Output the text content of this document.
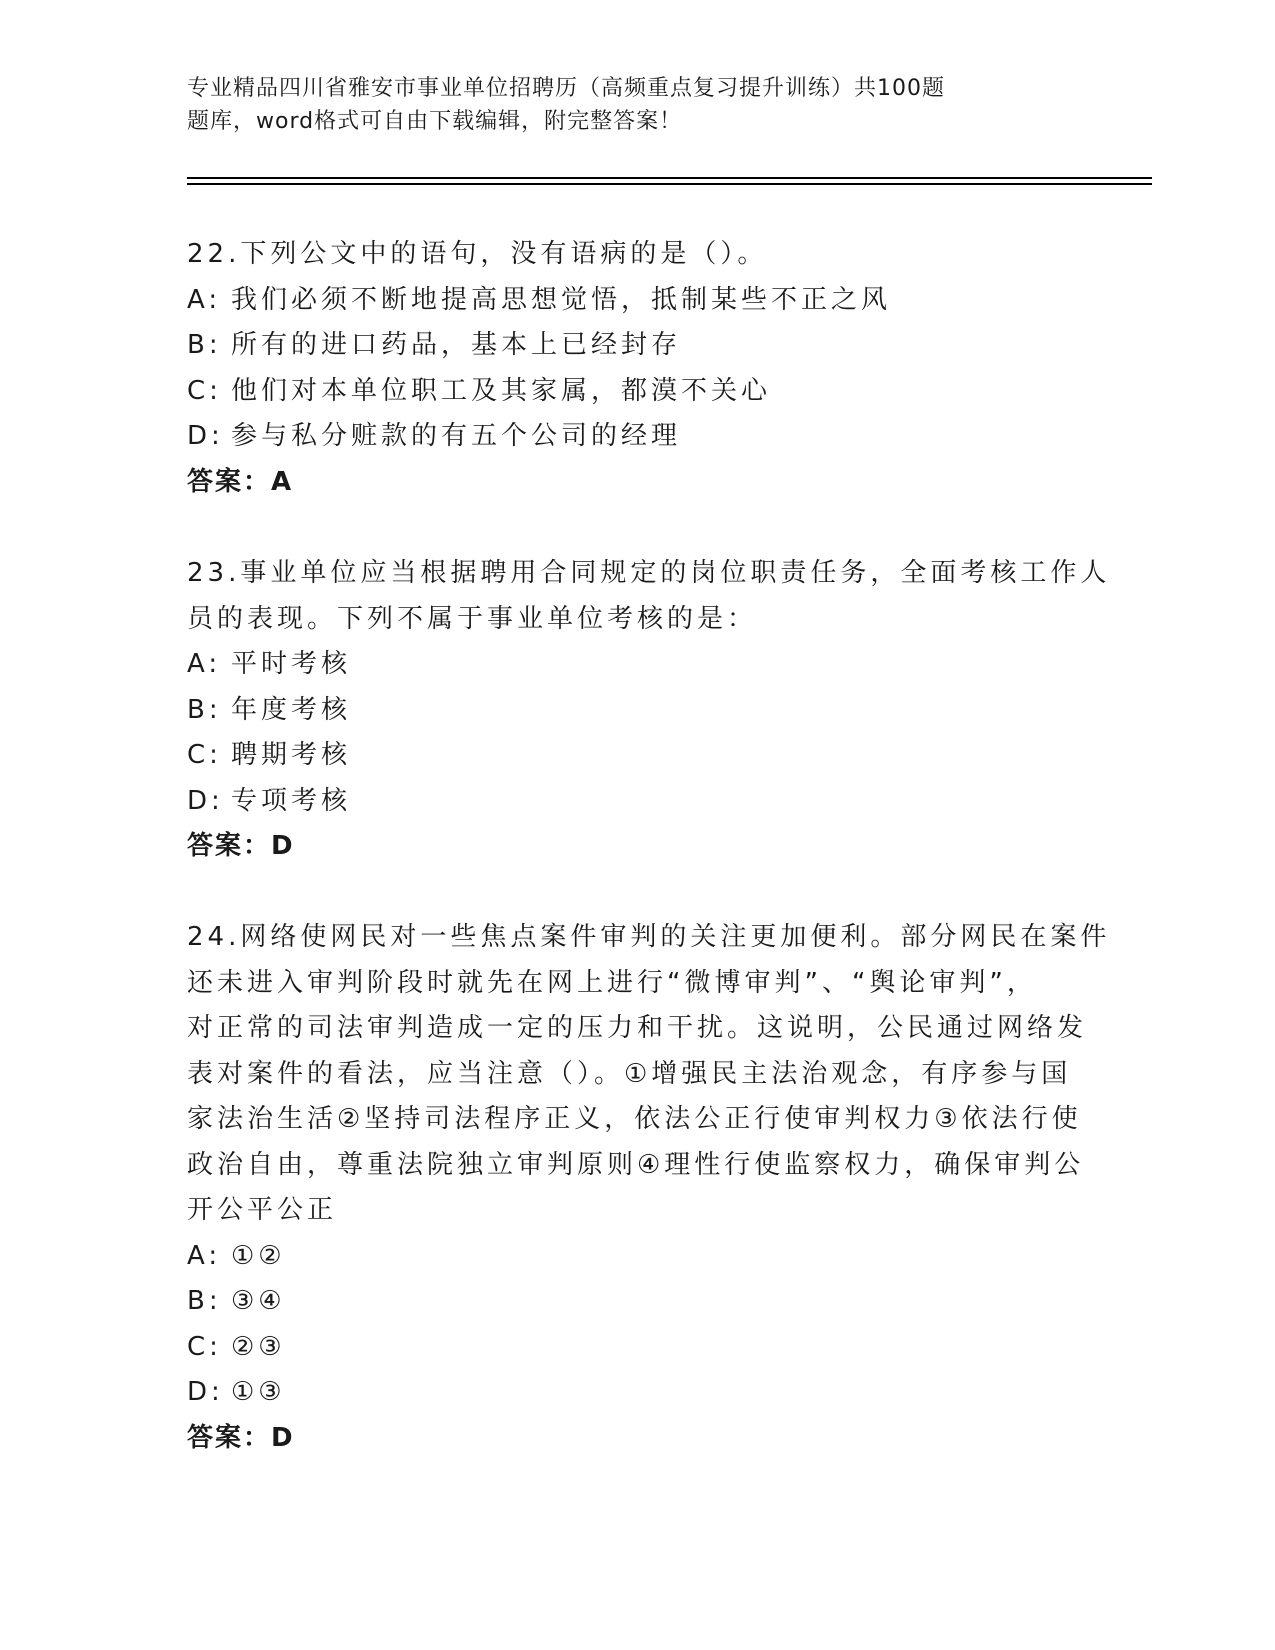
专业精品四川省雅安市事业单位招聘历（高频重点复习提升训练）共100题
题库，word格式可自由下载编辑，附完整答案！
22.下列公文中的语句，没有语病的是（）。
A: 我们必须不断地提高思想觉悟，抵制某些不正之风
B: 所有的进口药品，基本上已经封存
C: 他们对本单位职工及其家属，都漠不关心
D: 参与私分赃款的有五个公司的经理
答案：A
23.事业单位应当根据聘用合同规定的岗位职责任务，全面考核工作人
员的表现。下列不属于事业单位考核的是：
A: 平时考核
B: 年度考核
C: 聘期考核
D: 专项考核
答案：D
24.网络使网民对一些焦点案件审判的关注更加便利。部分网民在案件
还未进入审判阶段时就先在网上进行“微博审判”、“舆论审判”，
对正常的司法审判造成一定的压力和干扰。这说明，公民通过网络发
表对案件的看法，应当注意（）。①增强民主法治观念，有序参与国
家法治生活②坚持司法程序正义，依法公正行使审判权力③依法行使
政治自由，尊重法院独立审判原则④理性行使监察权力，确保审判公
开公平公正
A: ①②
B: ③④
C: ②③
D: ①③
答案：D
